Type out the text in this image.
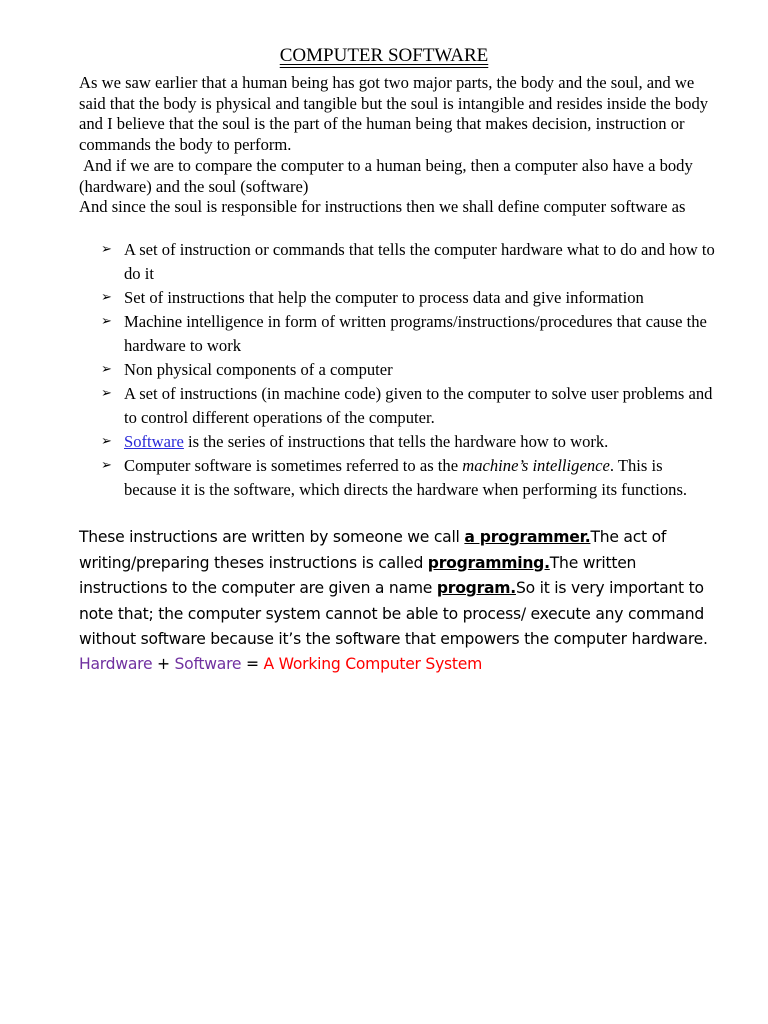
COMPUTER SOFTWARE

As we saw earlier that a human being has got two major parts, the body and the soul, and we said that the body is physical and tangible but the soul is intangible and resides inside the body and I believe that the soul is the part of the human being that makes decision, instruction or commands the body to perform.

And if we are to compare the computer to a human being, then a computer also have a body (hardware) and the soul (software)

And since the soul is responsible for instructions then we shall define computer software as

➢ A set of instruction or commands that tells the computer hardware what to do and how to do it
➢ Set of instructions that help the computer to process data and give information
➢ Machine intelligence in form of written programs/instructions/procedures that cause the hardware to work
➢ Non physical components of a computer
➢ A set of instructions (in machine code) given to the computer to solve user problems and to control different operations of the computer.
➢ Software is the series of instructions that tells the hardware how to work.
➢ Computer software is sometimes referred to as the machine’s intelligence. This is because it is the software, which directs the hardware when performing its functions.

These instructions are written by someone we call a programmer.The act of writing/preparing theses instructions is called programming.The written instructions to the computer are given a name program.So it is very important to note that; the computer system cannot be able to process/ execute any command without software because it’s the software that empowers the computer hardware.

Hardware + Software = A Working Computer System
